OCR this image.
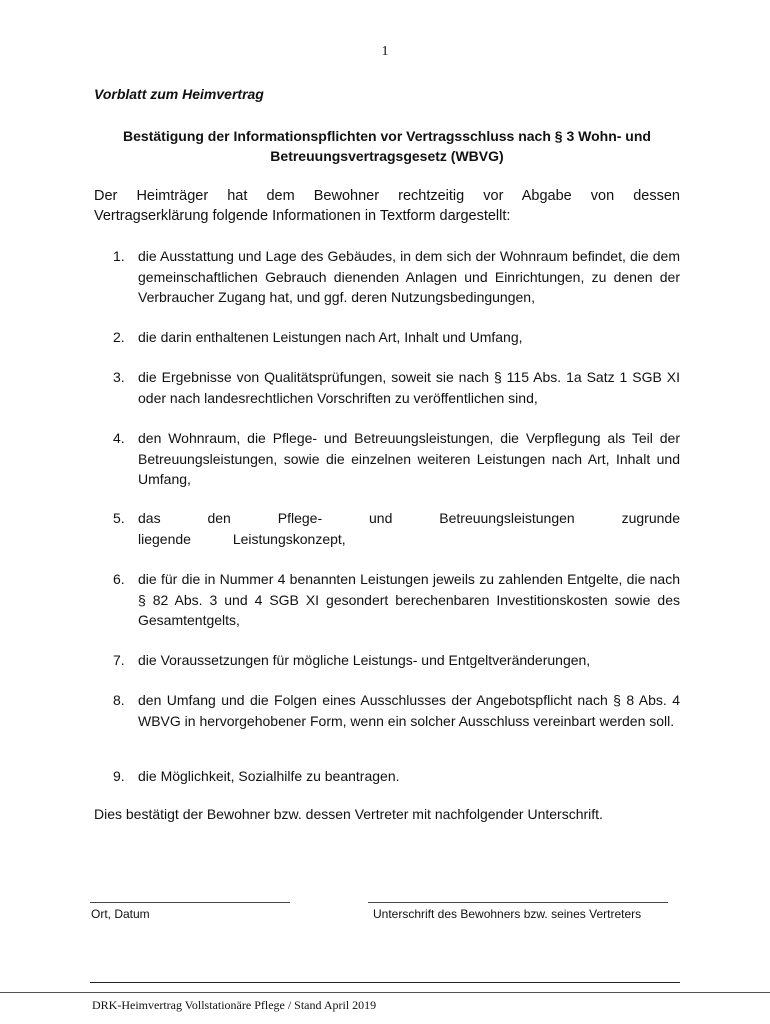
1
Vorblatt zum Heimvertrag
Bestätigung der Informationspflichten vor Vertragsschluss nach § 3 Wohn- und
Betreuungsvertragsgesetz (WBVG)
Der Heimträger hat dem Bewohner rechtzeitig vor Abgabe von dessen
Vertragserklärung folgende Informationen in Textform dargestellt:
1. die Ausstattung und Lage des Gebäudes, in dem sich der Wohnraum befindet, die dem gemeinschaftlichen Gebrauch dienenden Anlagen und Einrichtungen, zu denen der Verbraucher Zugang hat, und ggf. deren Nutzungsbedingungen,
2. die darin enthaltenen Leistungen nach Art, Inhalt und Umfang,
3. die Ergebnisse von Qualitätsprüfungen, soweit sie nach § 115 Abs. 1a Satz 1 SGB XI oder nach landesrechtlichen Vorschriften zu veröffentlichen sind,
4. den Wohnraum, die Pflege- und Betreuungsleistungen, die Verpflegung als Teil der Betreuungsleistungen, sowie die einzelnen weiteren Leistungen nach Art, Inhalt und Umfang,
5. das den Pflege- und Betreuungsleistungen zugrunde liegende Leistungskonzept,
6. die für die in Nummer 4 benannten Leistungen jeweils zu zahlenden Entgelte, die nach § 82 Abs. 3 und 4 SGB XI gesondert berechenbaren Investitionskosten sowie des Gesamtentgelts,
7. die Voraussetzungen für mögliche Leistungs- und Entgeltveränderungen,
8. den Umfang und die Folgen eines Ausschlusses der Angebotspflicht nach § 8 Abs. 4 WBVG in hervorgehobener Form, wenn ein solcher Ausschluss vereinbart werden soll.
9. die Möglichkeit, Sozialhilfe zu beantragen.
Dies bestätigt der Bewohner bzw. dessen Vertreter mit nachfolgender Unterschrift.
Ort, Datum	Unterschrift des Bewohners bzw. seines Vertreters
DRK-Heimvertrag Vollstationäre Pflege / Stand April 2019
